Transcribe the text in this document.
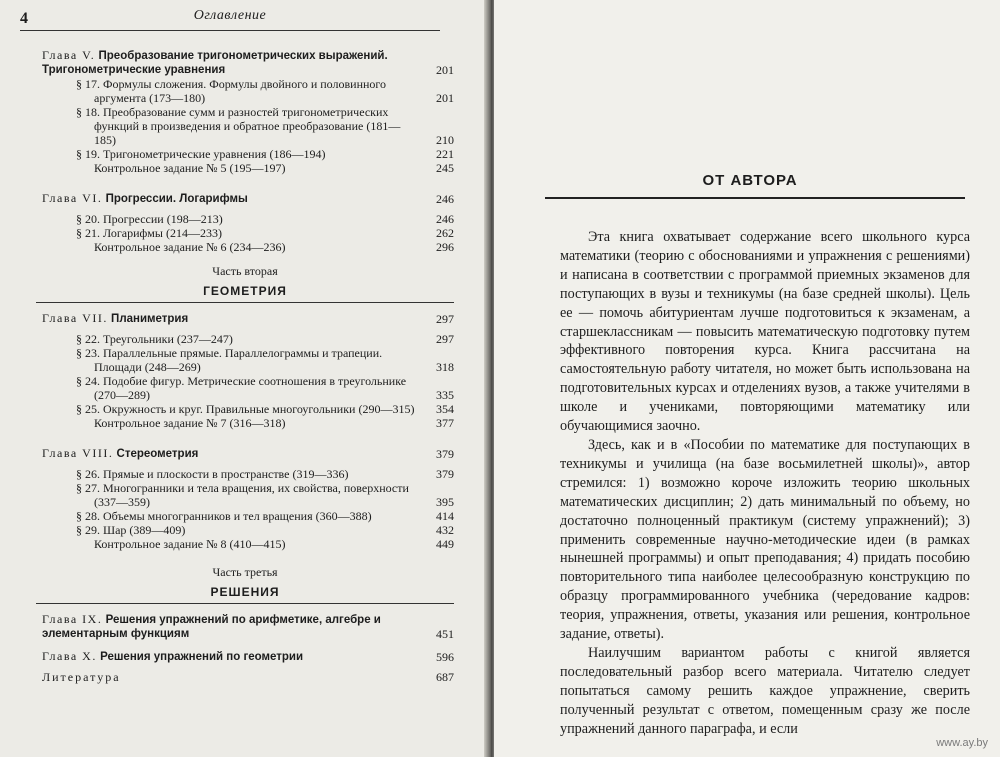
4	Оглавление
Глава V. Преобразование тригонометрических выражений. Тригонометрические уравнения	201
§ 17. Формулы сложения. Формулы двойного и половинного аргумента (173—180)	201
§ 18. Преобразование сумм и разностей тригонометрических функций в произведения и обратное преобразование (181—185)	210
§ 19. Тригонометрические уравнения (186—194)	221
Контрольное задание № 5 (195—197)	245
Глава VI. Прогрессии. Логарифмы	246
§ 20. Прогрессии (198—213)	246
§ 21. Логарифмы (214—233)	262
Контрольное задание № 6 (234—236)	296
Часть вторая
ГЕОМЕТРИЯ
Глава VII. Планиметрия	297
§ 22. Треугольники (237—247)	297
§ 23. Параллельные прямые. Параллелограммы и трапеции. Площади (248—269)	318
§ 24. Подобие фигур. Метрические соотношения в треугольнике (270—289)	335
§ 25. Окружность и круг. Правильные многоугольники (290—315)	354
Контрольное задание № 7 (316—318)	377
Глава VIII. Стереометрия	379
§ 26. Прямые и плоскости в пространстве (319—336)	379
§ 27. Многогранники и тела вращения, их свойства, поверхности (337—359)	395
§ 28. Объемы многогранников и тел вращения (360—388)	414
§ 29. Шар (389—409)	432
Контрольное задание № 8 (410—415)	449
Часть третья
РЕШЕНИЯ
Глава IX. Решения упражнений по арифметике, алгебре и элементарным функциям	451
Глава X. Решения упражнений по геометрии	596
Литература	687
ОТ АВТОРА

Эта книга охватывает содержание всего школьного курса математики (теорию с обоснованиями и упражнения с решениями) и написана в соответствии с программой приемных экзаменов для поступающих в вузы и техникумы (на базе средней школы). Цель ее — помочь абитуриентам лучше подготовиться к экзаменам, а старшеклассникам — повысить математическую подготовку путем эффективного повторения курса. Книга рассчитана на самостоятельную работу читателя, но может быть использована на подготовительных курсах и отделениях вузов, а также учителями в школе и учениками, повторяющими математику или обучающимися заочно.

Здесь, как и в «Пособии по математике для поступающих в техникумы и училища (на базе восьмилетней школы)», автор стремился: 1) возможно короче изложить теорию школьных математических дисциплин; 2) дать минимальный по объему, но достаточно полноценный практикум (систему упражнений); 3) применить современные научно-методические идеи (в рамках нынешней программы) и опыт преподавания; 4) придать пособию повторительного типа наиболее целесообразную конструкцию по образцу программированного учебника (чередование кадров: теория, упражнения, ответы, указания или решения, контрольное задание, ответы).

Наилучшим вариантом работы с книгой является последовательный разбор всего материала. Читателю следует попытаться самому решить каждое упражнение, сверить полученный результат с ответом, помещенным сразу же после упражнений данного параграфа, и если

www.ay.by
